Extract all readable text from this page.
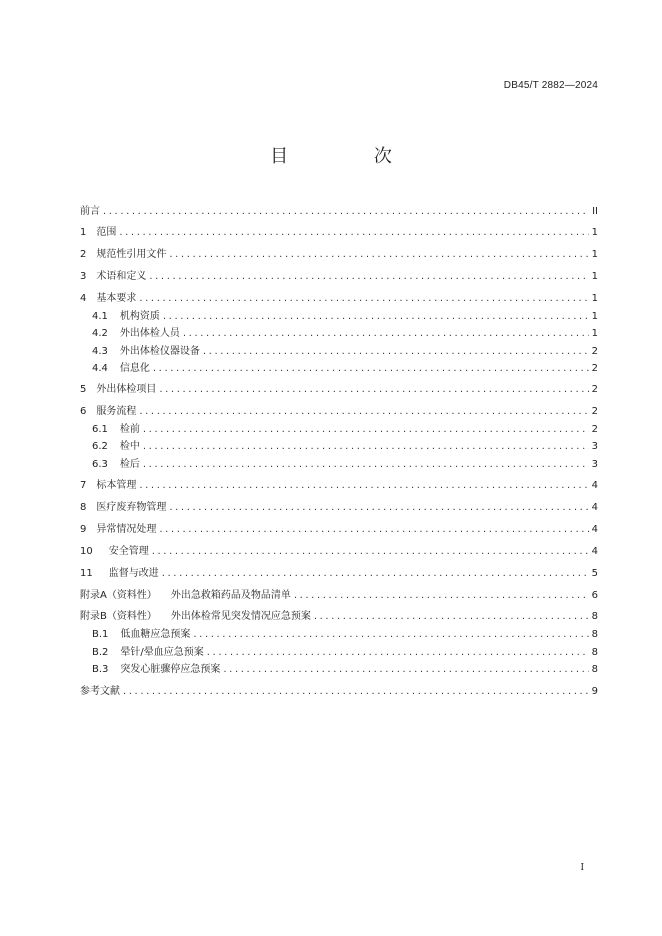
DB45/T 2882—2024
目 次
前言 .....	II
1 范围 .....	1
2 规范性引用文件 .....	1
3 术语和定义 .....	1
4 基本要求 .....	1
4.1 机构资质 .....	1
4.2 外出体检人员 .....	1
4.3 外出体检仪器设备 .....	2
4.4 信息化 .....	2
5 外出体检项目 .....	2
6 服务流程 .....	2
6.1 检前 .....	2
6.2 检中 .....	3
6.3 检后 .....	3
7 标本管理 .....	4
8 医疗废弃物管理 .....	4
9 异常情况处理 .....	4
10 安全管理 .....	4
11 监督与改进 .....	5
附录A（资料性） 外出急救箱药品及物品清单 .....	6
附录B（资料性） 外出体检常见突发情况应急预案 .....	8
B.1 低血糖应急预案 .....	8
B.2 晕针/晕血应急预案 .....	8
B.3 突发心脏骤停应急预案 .....	8
参考文献 .....	9
I
